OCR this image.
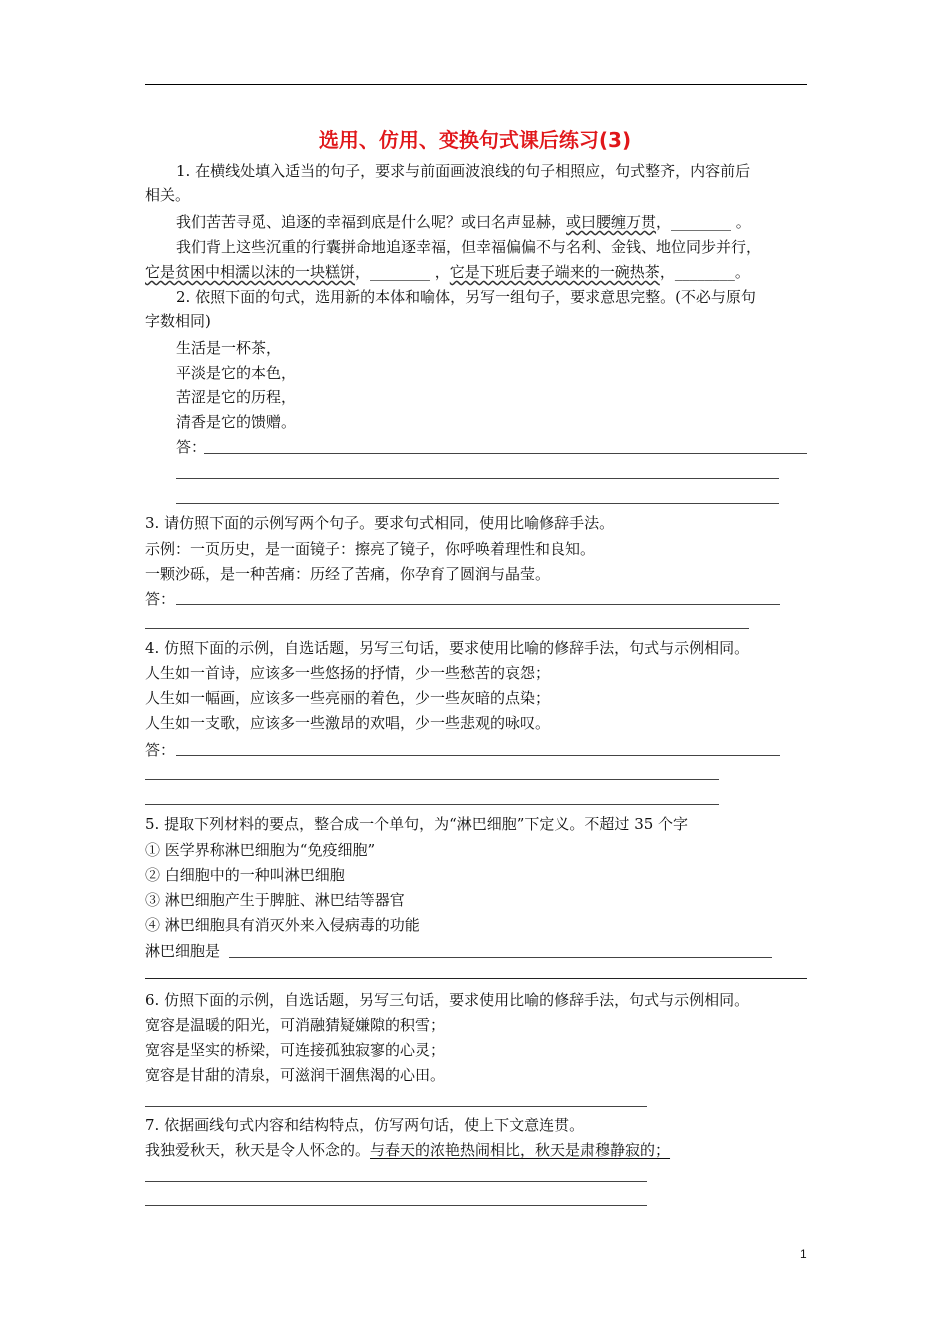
选用、仿用、变换句式课后练习(3)
1. 在横线处填入适当的句子，要求与前面画波浪线的句子相照应，句式整齐，内容前后
相关。
我们苦苦寻觅、追逐的幸福到底是什么呢？或曰名声显赫，或曰腰缠万贯，________ 。
我们背上这些沉重的行囊拼命地追逐幸福，但幸福偏偏不与名利、金钱、地位同步并行，
它是贫困中相濡以沫的一块糕饼，________ ，它是下班后妻子端来的一碗热茶，________。
2. 依照下面的句式，选用新的本体和喻体，另写一组句子，要求意思完整。(不必与原句
字数相同)
生活是一杯茶，
平淡是它的本色，
苦涩是它的历程，
清香是它的馈赠。
答：
3. 请仿照下面的示例写两个句子。要求句式相同，使用比喻修辞手法。
示例：一页历史，是一面镜子：擦亮了镜子，你呼唤着理性和良知。
一颗沙砾，是一种苦痛：历经了苦痛，你孕育了圆润与晶莹。
答：
4. 仿照下面的示例，自选话题，另写三句话，要求使用比喻的修辞手法，句式与示例相同。
人生如一首诗，应该多一些悠扬的抒情，少一些愁苦的哀怨；
人生如一幅画，应该多一些亮丽的着色，少一些灰暗的点染；
人生如一支歌，应该多一些激昂的欢唱，少一些悲观的咏叹。
答：
5. 提取下列材料的要点，整合成一个单句，为“淋巴细胞”下定义。不超过 35 个字
① 医学界称淋巴细胞为“免疫细胞”
② 白细胞中的一种叫淋巴细胞
③ 淋巴细胞产生于脾脏、淋巴结等器官
④ 淋巴细胞具有消灭外来入侵病毒的功能
淋巴细胞是
6. 仿照下面的示例，自选话题，另写三句话，要求使用比喻的修辞手法，句式与示例相同。
宽容是温暖的阳光，可消融猜疑嫌隙的积雪；
宽容是坚实的桥梁，可连接孤独寂寥的心灵；
宽容是甘甜的清泉，可滋润干涸焦渴的心田。
7. 依据画线句式内容和结构特点，仿写两句话，使上下文意连贯。
我独爱秋天，秋天是令人怀念的。与春天的浓艳热闹相比，秋天是肃穆静寂的；
1
